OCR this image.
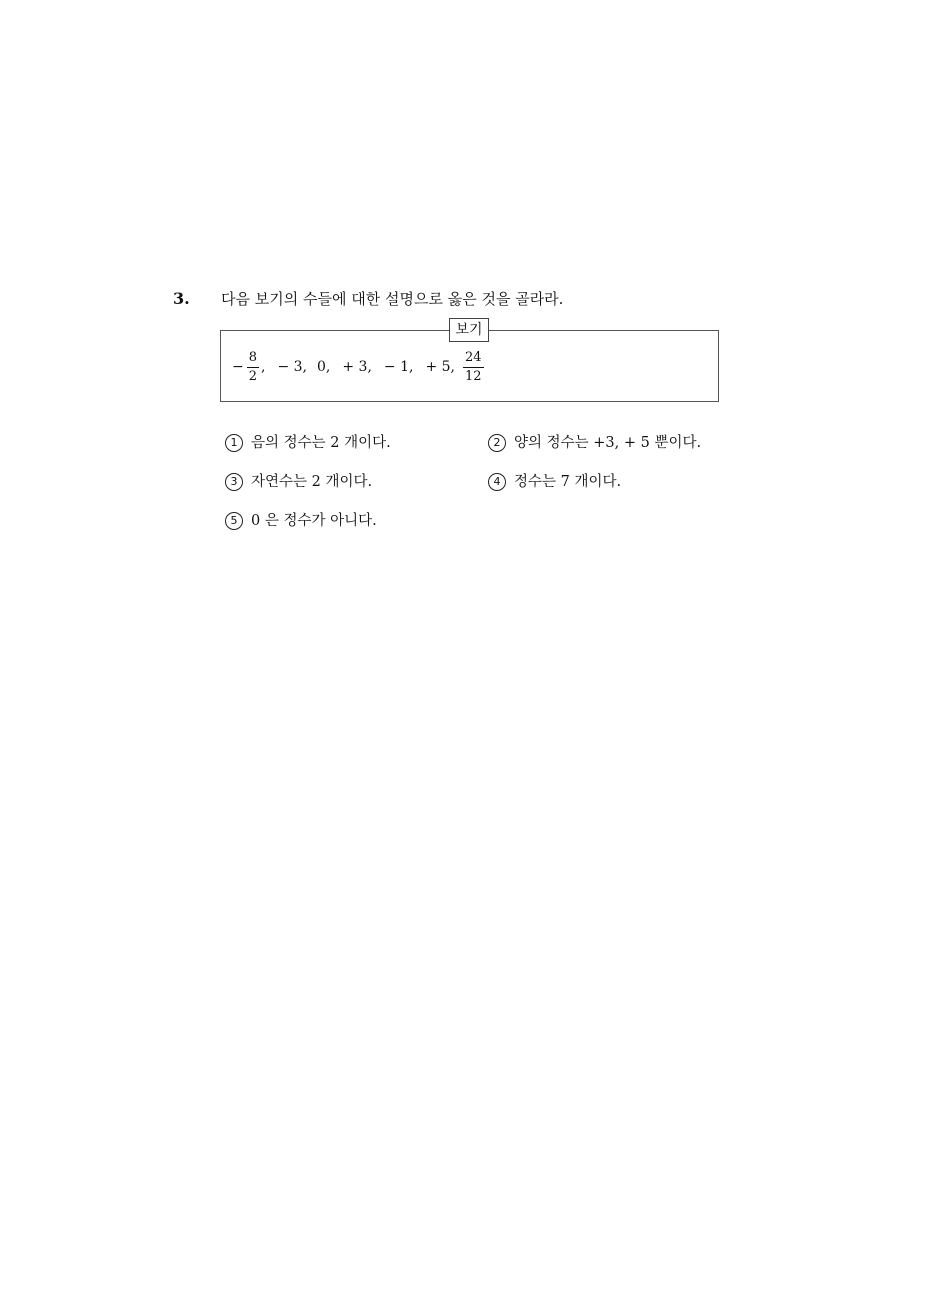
3. 다음 보기의 수들에 대한 설명으로 옳은 것을 골라라.
보기
− $\frac{8}{2}$ , − 3, 0, + 3, − 1, + 5, $\frac{24}{12}$
1 음의 정수는 2 개이다.	2 양의 정수는 +3, + 5 뿐이다.
3 자연수는 2 개이다.	4 정수는 7 개이다.
5 0 은 정수가 아니다.
